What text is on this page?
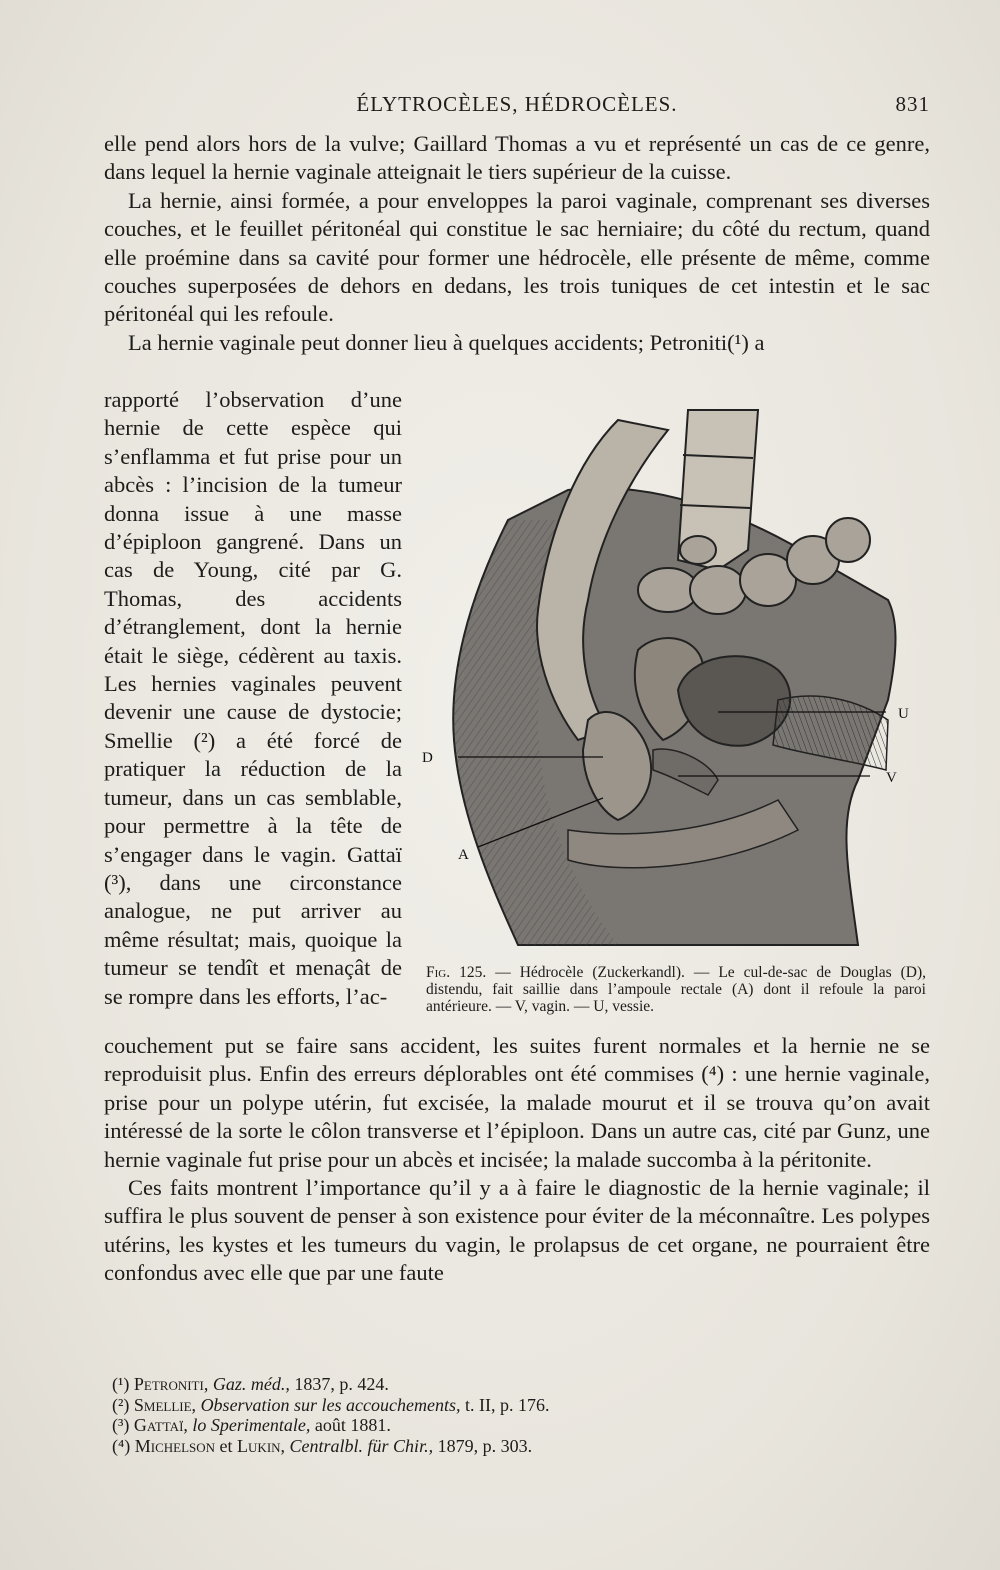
ÉLYTROCÈLES, HÉDROCÈLES.	831

elle pend alors hors de la vulve; Gaillard Thomas a vu et représenté un cas de ce genre, dans lequel la hernie vaginale atteignait le tiers supérieur de la cuisse.

La hernie, ainsi formée, a pour enveloppes la paroi vaginale, comprenant ses diverses couches, et le feuillet péritonéal qui constitue le sac herniaire; du côté du rectum, quand elle proémine dans sa cavité pour former une hédrocèle, elle présente de même, comme couches superposées de dehors en dedans, les trois tuniques de cet intestin et le sac péritonéal qui les refoule.

La hernie vaginale peut donner lieu à quelques accidents; Petroniti(¹) a

rapporté l’observation d’une hernie de cette espèce qui s’enflamma et fut prise pour un abcès : l’incision de la tumeur donna issue à une masse d’épiploon gangrené. Dans un cas de Young, cité par G. Thomas, des accidents d’étranglement, dont la hernie était le siège, cédèrent au taxis. Les hernies vaginales peuvent devenir une cause de dystocie; Smellie (²) a été forcé de pratiquer la réduction de la tumeur, dans un cas semblable, pour permettre à la tête de s’engager dans le vagin. Gattaï (³), dans une circonstance analogue, ne put arriver au même résultat; mais, quoique la tumeur se tendît et menaçât de se rompre dans les efforts, l’ac-

D
A
U
V
Fig. 125. — Hédrocèle (Zuckerkandl). — Le cul-de-sac de Douglas (D), distendu, fait saillie dans l’ampoule rectale (A) dont il refoule la paroi antérieure. — V, vagin. — U, vessie.

couchement put se faire sans accident, les suites furent normales et la hernie ne se reproduisit plus. Enfin des erreurs déplorables ont été commises (⁴) : une hernie vaginale, prise pour un polype utérin, fut excisée, la malade mourut et il se trouva qu’on avait intéressé de la sorte le côlon transverse et l’épiploon. Dans un autre cas, cité par Gunz, une hernie vaginale fut prise pour un abcès et incisée; la malade succomba à la péritonite.

Ces faits montrent l’importance qu’il y a à faire le diagnostic de la hernie vaginale; il suffira le plus souvent de penser à son existence pour éviter de la méconnaître. Les polypes utérins, les kystes et les tumeurs du vagin, le prolapsus de cet organe, ne pourraient être confondus avec elle que par une faute

(¹) Petroniti, Gaz. méd., 1837, p. 424.
(²) Smellie, Observation sur les accouchements, t. II, p. 176.
(³) Gattaï, lo Sperimentale, août 1881.
(⁴) Michelson et Lukin, Centralbl. für Chir., 1879, p. 303.
